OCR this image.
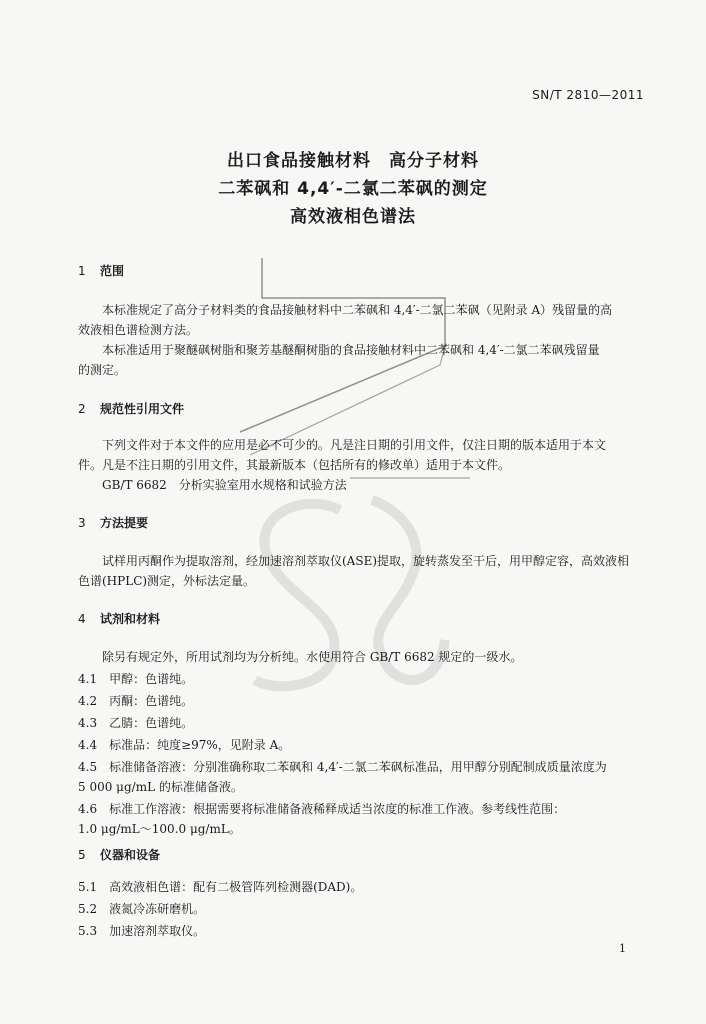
SN/T 2810—2011
出口食品接触材料　高分子材料
二苯砜和 4,4′-二氯二苯砜的测定
高效液相色谱法
1 范围
　　本标准规定了高分子材料类的食品接触材料中二苯砜和 4,4′-二氯二苯砜（见附录 A）残留量的高
效液相色谱检测方法。
　　本标准适用于聚醚砜树脂和聚芳基醚酮树脂的食品接触材料中二苯砜和 4,4′-二氯二苯砜残留量
的测定。
2 规范性引用文件
　　下列文件对于本文件的应用是必不可少的。凡是注日期的引用文件，仅注日期的版本适用于本文
件。凡是不注日期的引用文件，其最新版本（包括所有的修改单）适用于本文件。
　　GB/T 6682　分析实验室用水规格和试验方法
3 方法提要
　　试样用丙酮作为提取溶剂，经加速溶剂萃取仪(ASE)提取，旋转蒸发至干后，用甲醇定容，高效液相
色谱(HPLC)测定，外标法定量。
4 试剂和材料
　　除另有规定外，所用试剂均为分析纯。水使用符合 GB/T 6682 规定的一级水。
4.1　甲醇：色谱纯。
4.2　丙酮：色谱纯。
4.3　乙腈：色谱纯。
4.4　标准品：纯度≥97%，见附录 A。
4.5　标准储备溶液：分别准确称取二苯砜和 4,4′-二氯二苯砜标准品，用甲醇分别配制成质量浓度为
5 000 μg/mL 的标准储备液。
4.6　标准工作溶液：根据需要将标准储备液稀释成适当浓度的标准工作液。参考线性范围：
1.0 μg/mL～100.0 μg/mL。
5 仪器和设备
5.1　高效液相色谱：配有二极管阵列检测器(DAD)。
5.2　液氮冷冻研磨机。
5.3　加速溶剂萃取仪。
1
